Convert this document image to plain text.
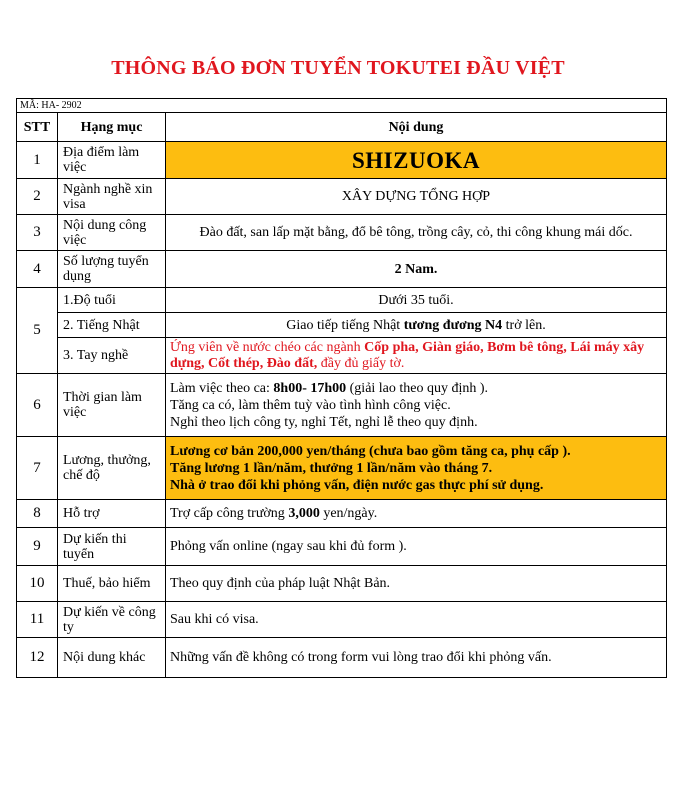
THÔNG BÁO ĐƠN TUYỂN TOKUTEI ĐẦU VIỆT
MÃ: HA- 2902		
STT	Hạng mục	Nội dung
1	Địa điểm làm việc	SHIZUOKA
2	Ngành nghề xin visa	XÂY DỰNG TỔNG HỢP
3	Nội dung công việc	Đào đất, san lấp mặt bằng, đổ bê tông, trồng cây, cỏ, thi công khung mái dốc.
4	Số lượng tuyển dụng	2 Nam.
5	1.Độ tuổi	Dưới 35 tuổi.
	2. Tiếng Nhật	Giao tiếp tiếng Nhật tương đương N4 trở lên.
	3. Tay nghề	Ứng viên về nước chéo các ngành Cốp pha, Giàn giáo, Bơm bê tông, Lái máy xây dựng, Cốt thép, Đào đất, đầy đủ giấy tờ.
6	Thời gian làm việc	Làm việc theo ca: 8h00- 17h00 (giải lao theo quy định ).
Tăng ca có, làm thêm tuỳ vào tình hình công việc.
Nghỉ theo lịch công ty, nghỉ Tết, nghỉ lễ theo quy định.

7	Lương, thưởng, chế độ	Lương cơ bản 200,000 yen/tháng (chưa bao gồm tăng ca, phụ cấp ).
Tăng lương 1 lần/năm, thưởng 1 lần/năm vào tháng 7.
Nhà ở trao đổi khi phỏng vấn, điện nước gas thực phí sử dụng.

8	Hỗ trợ	Trợ cấp công trường 3,000 yen/ngày.
9	Dự kiến thi tuyển	Phỏng vấn online (ngay sau khi đủ form ).
10	Thuế, bảo hiểm	Theo quy định của pháp luật Nhật Bản.
11	Dự kiến về công ty	Sau khi có visa.
12	Nội dung khác	Những vấn đề không có trong form vui lòng trao đổi khi phỏng vấn.
